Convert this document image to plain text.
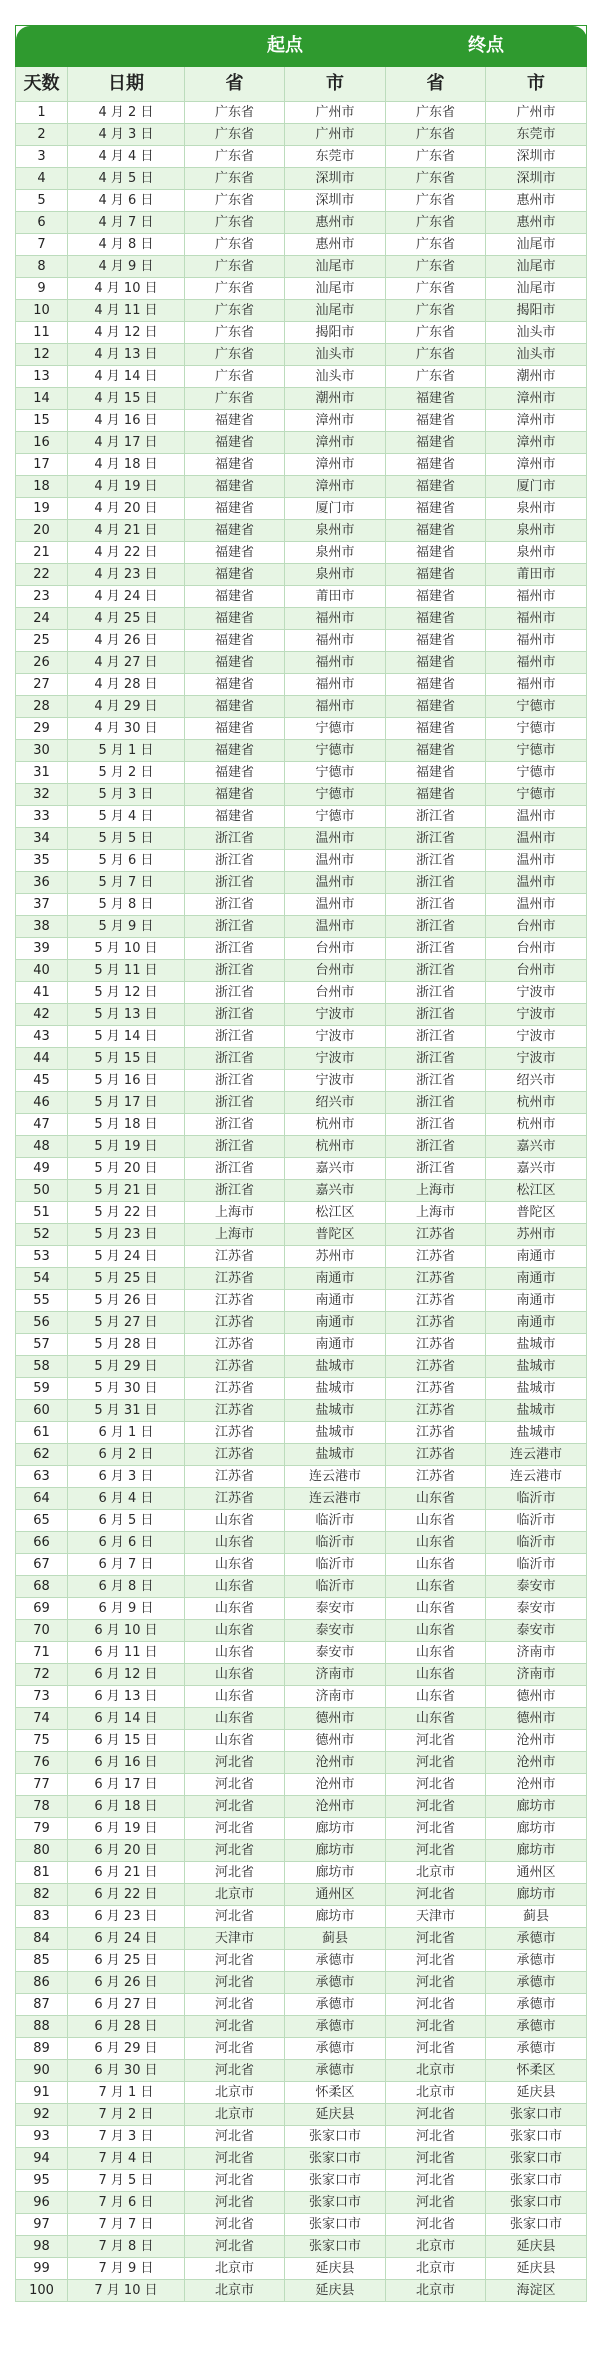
		起点		终点	
天数	日期	省	市	省	市
1	4 月 2 日	广东省	广州市	广东省	广州市
2	4 月 3 日	广东省	广州市	广东省	东莞市
3	4 月 4 日	广东省	东莞市	广东省	深圳市
4	4 月 5 日	广东省	深圳市	广东省	深圳市
5	4 月 6 日	广东省	深圳市	广东省	惠州市
6	4 月 7 日	广东省	惠州市	广东省	惠州市
7	4 月 8 日	广东省	惠州市	广东省	汕尾市
8	4 月 9 日	广东省	汕尾市	广东省	汕尾市
9	4 月 10 日	广东省	汕尾市	广东省	汕尾市
10	4 月 11 日	广东省	汕尾市	广东省	揭阳市
11	4 月 12 日	广东省	揭阳市	广东省	汕头市
12	4 月 13 日	广东省	汕头市	广东省	汕头市
13	4 月 14 日	广东省	汕头市	广东省	潮州市
14	4 月 15 日	广东省	潮州市	福建省	漳州市
15	4 月 16 日	福建省	漳州市	福建省	漳州市
16	4 月 17 日	福建省	漳州市	福建省	漳州市
17	4 月 18 日	福建省	漳州市	福建省	漳州市
18	4 月 19 日	福建省	漳州市	福建省	厦门市
19	4 月 20 日	福建省	厦门市	福建省	泉州市
20	4 月 21 日	福建省	泉州市	福建省	泉州市
21	4 月 22 日	福建省	泉州市	福建省	泉州市
22	4 月 23 日	福建省	泉州市	福建省	莆田市
23	4 月 24 日	福建省	莆田市	福建省	福州市
24	4 月 25 日	福建省	福州市	福建省	福州市
25	4 月 26 日	福建省	福州市	福建省	福州市
26	4 月 27 日	福建省	福州市	福建省	福州市
27	4 月 28 日	福建省	福州市	福建省	福州市
28	4 月 29 日	福建省	福州市	福建省	宁德市
29	4 月 30 日	福建省	宁德市	福建省	宁德市
30	5 月 1 日	福建省	宁德市	福建省	宁德市
31	5 月 2 日	福建省	宁德市	福建省	宁德市
32	5 月 3 日	福建省	宁德市	福建省	宁德市
33	5 月 4 日	福建省	宁德市	浙江省	温州市
34	5 月 5 日	浙江省	温州市	浙江省	温州市
35	5 月 6 日	浙江省	温州市	浙江省	温州市
36	5 月 7 日	浙江省	温州市	浙江省	温州市
37	5 月 8 日	浙江省	温州市	浙江省	温州市
38	5 月 9 日	浙江省	温州市	浙江省	台州市
39	5 月 10 日	浙江省	台州市	浙江省	台州市
40	5 月 11 日	浙江省	台州市	浙江省	台州市
41	5 月 12 日	浙江省	台州市	浙江省	宁波市
42	5 月 13 日	浙江省	宁波市	浙江省	宁波市
43	5 月 14 日	浙江省	宁波市	浙江省	宁波市
44	5 月 15 日	浙江省	宁波市	浙江省	宁波市
45	5 月 16 日	浙江省	宁波市	浙江省	绍兴市
46	5 月 17 日	浙江省	绍兴市	浙江省	杭州市
47	5 月 18 日	浙江省	杭州市	浙江省	杭州市
48	5 月 19 日	浙江省	杭州市	浙江省	嘉兴市
49	5 月 20 日	浙江省	嘉兴市	浙江省	嘉兴市
50	5 月 21 日	浙江省	嘉兴市	上海市	松江区
51	5 月 22 日	上海市	松江区	上海市	普陀区
52	5 月 23 日	上海市	普陀区	江苏省	苏州市
53	5 月 24 日	江苏省	苏州市	江苏省	南通市
54	5 月 25 日	江苏省	南通市	江苏省	南通市
55	5 月 26 日	江苏省	南通市	江苏省	南通市
56	5 月 27 日	江苏省	南通市	江苏省	南通市
57	5 月 28 日	江苏省	南通市	江苏省	盐城市
58	5 月 29 日	江苏省	盐城市	江苏省	盐城市
59	5 月 30 日	江苏省	盐城市	江苏省	盐城市
60	5 月 31 日	江苏省	盐城市	江苏省	盐城市
61	6 月 1 日	江苏省	盐城市	江苏省	盐城市
62	6 月 2 日	江苏省	盐城市	江苏省	连云港市
63	6 月 3 日	江苏省	连云港市	江苏省	连云港市
64	6 月 4 日	江苏省	连云港市	山东省	临沂市
65	6 月 5 日	山东省	临沂市	山东省	临沂市
66	6 月 6 日	山东省	临沂市	山东省	临沂市
67	6 月 7 日	山东省	临沂市	山东省	临沂市
68	6 月 8 日	山东省	临沂市	山东省	泰安市
69	6 月 9 日	山东省	泰安市	山东省	泰安市
70	6 月 10 日	山东省	泰安市	山东省	泰安市
71	6 月 11 日	山东省	泰安市	山东省	济南市
72	6 月 12 日	山东省	济南市	山东省	济南市
73	6 月 13 日	山东省	济南市	山东省	德州市
74	6 月 14 日	山东省	德州市	山东省	德州市
75	6 月 15 日	山东省	德州市	河北省	沧州市
76	6 月 16 日	河北省	沧州市	河北省	沧州市
77	6 月 17 日	河北省	沧州市	河北省	沧州市
78	6 月 18 日	河北省	沧州市	河北省	廊坊市
79	6 月 19 日	河北省	廊坊市	河北省	廊坊市
80	6 月 20 日	河北省	廊坊市	河北省	廊坊市
81	6 月 21 日	河北省	廊坊市	北京市	通州区
82	6 月 22 日	北京市	通州区	河北省	廊坊市
83	6 月 23 日	河北省	廊坊市	天津市	蓟县
84	6 月 24 日	天津市	蓟县	河北省	承德市
85	6 月 25 日	河北省	承德市	河北省	承德市
86	6 月 26 日	河北省	承德市	河北省	承德市
87	6 月 27 日	河北省	承德市	河北省	承德市
88	6 月 28 日	河北省	承德市	河北省	承德市
89	6 月 29 日	河北省	承德市	河北省	承德市
90	6 月 30 日	河北省	承德市	北京市	怀柔区
91	7 月 1 日	北京市	怀柔区	北京市	延庆县
92	7 月 2 日	北京市	延庆县	河北省	张家口市
93	7 月 3 日	河北省	张家口市	河北省	张家口市
94	7 月 4 日	河北省	张家口市	河北省	张家口市
95	7 月 5 日	河北省	张家口市	河北省	张家口市
96	7 月 6 日	河北省	张家口市	河北省	张家口市
97	7 月 7 日	河北省	张家口市	河北省	张家口市
98	7 月 8 日	河北省	张家口市	北京市	延庆县
99	7 月 9 日	北京市	延庆县	北京市	延庆县
100	7 月 10 日	北京市	延庆县	北京市	海淀区
